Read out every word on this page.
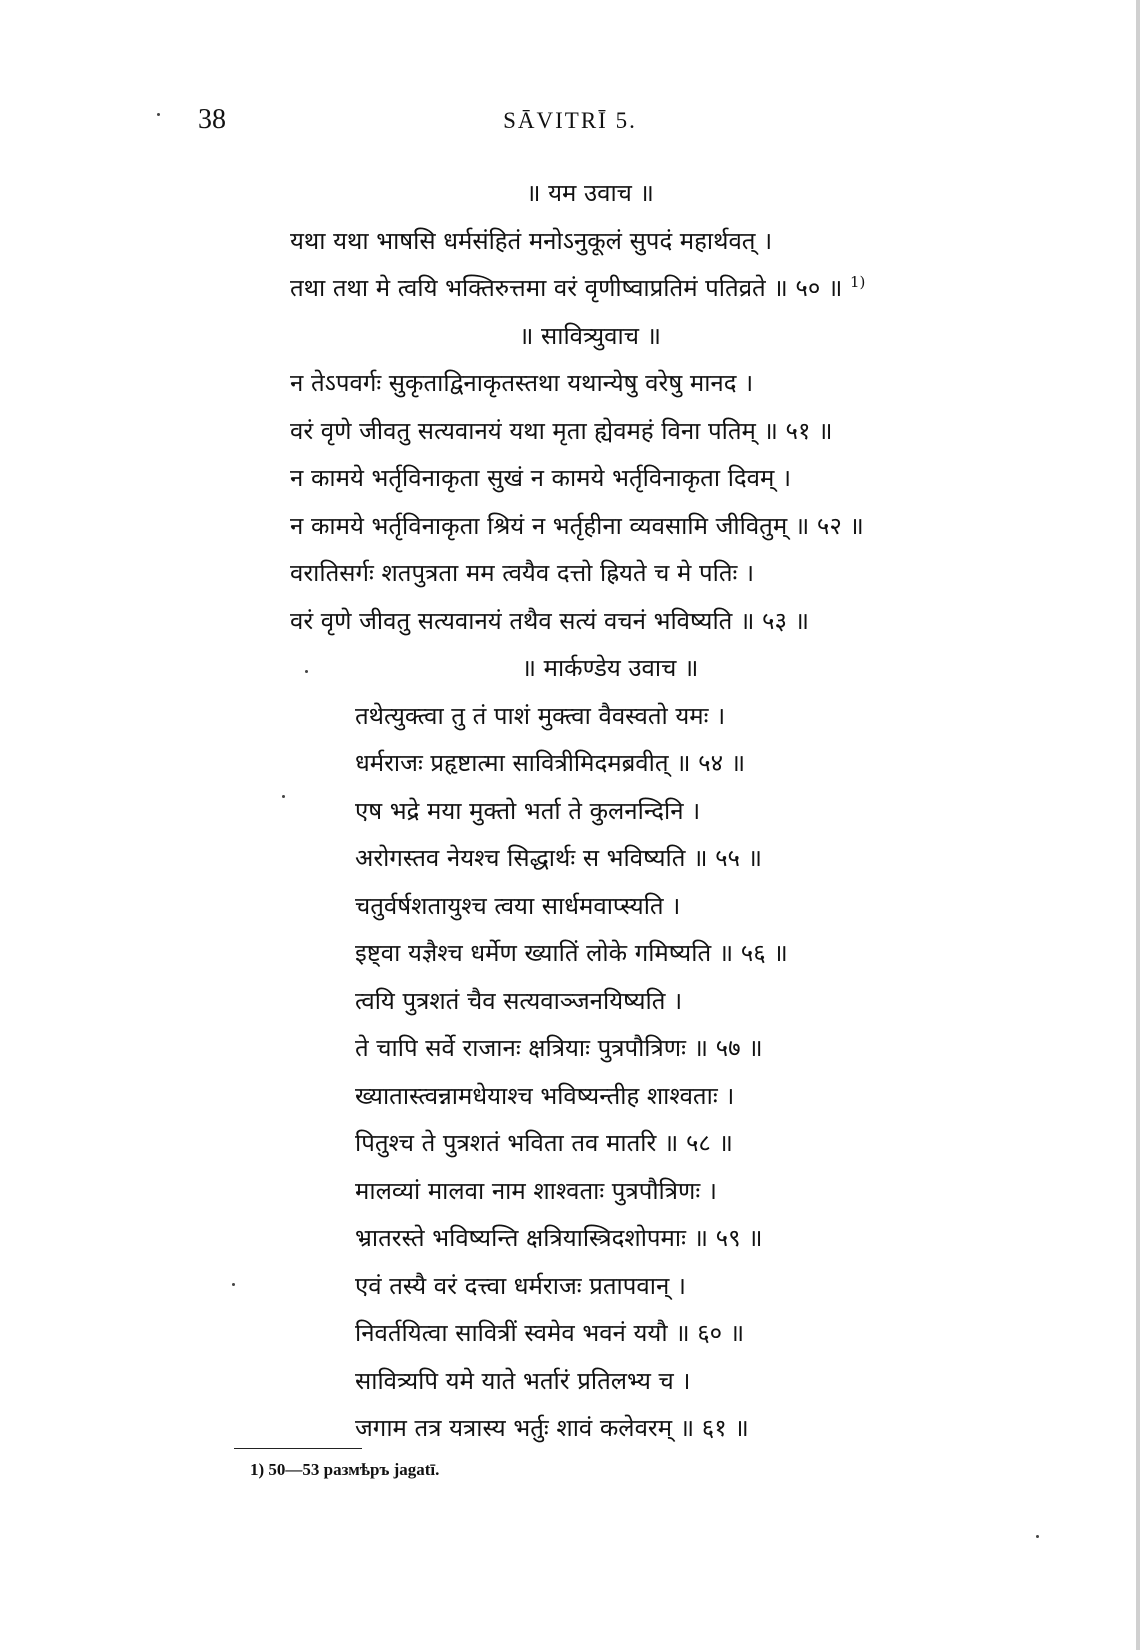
38	SĀVITRĪ 5.
॥ यम उवाच ॥
यथा यथा भाषसि धर्मसंहितं मनोऽनुकूलं सुपदं महार्थवत् ।
तथा तथा मे त्वयि भक्तिरुत्तमा वरं वृणीष्वाप्रतिमं पतिव्रते ॥ ५० ॥ $^{1)}$
॥ सावित्र्युवाच ॥
न तेऽपवर्गः सुकृताद्विनाकृतस्तथा यथान्येषु वरेषु मानद ।
वरं वृणे जीवतु सत्यवानयं यथा मृता ह्येवमहं विना पतिम् ॥ ५१ ॥
न कामये भर्तृविनाकृता सुखं न कामये भर्तृविनाकृता दिवम् ।
न कामये भर्तृविनाकृता श्रियं न भर्तृहीना व्यवसामि जीवितुम् ॥ ५२ ॥
वरातिसर्गः शतपुत्रता मम त्वयैव दत्तो ह्रियते च मे पतिः ।
वरं वृणे जीवतु सत्यवानयं तथैव सत्यं वचनं भविष्यति ॥ ५३ ॥
॥ मार्कण्डेय उवाच ॥
तथेत्युक्त्वा तु तं पाशं मुक्त्वा वैवस्वतो यमः ।
धर्मराजः प्रहृष्टात्मा सावित्रीमिदमब्रवीत् ॥ ५४ ॥
एष भद्रे मया मुक्तो भर्ता ते कुलनन्दिनि ।
अरोगस्तव नेयश्च सिद्धार्थः स भविष्यति ॥ ५५ ॥
चतुर्वर्षशतायुश्च त्वया सार्धमवाप्स्यति ।
इष्ट्वा यज्ञैश्च धर्मेण ख्यातिं लोके गमिष्यति ॥ ५६ ॥
त्वयि पुत्रशतं चैव सत्यवाञ्जनयिष्यति ।
ते चापि सर्वे राजानः क्षत्रियाः पुत्रपौत्रिणः ॥ ५७ ॥
ख्यातास्त्वन्नामधेयाश्च भविष्यन्तीह शाश्वताः ।
पितुश्च ते पुत्रशतं भविता तव मातरि ॥ ५८ ॥
मालव्यां मालवा नाम शाश्वताः पुत्रपौत्रिणः ।
भ्रातरस्ते भविष्यन्ति क्षत्रियास्त्रिदशोपमाः ॥ ५९ ॥
एवं तस्यै वरं दत्त्वा धर्मराजः प्रतापवान् ।
निवर्तयित्वा सावित्रीं स्वमेव भवनं ययौ ॥ ६० ॥
सावित्र्यपि यमे याते भर्तारं प्रतिलभ्य च ।
जगाम तत्र यत्रास्य भर्तुः शावं कलेवरम् ॥ ६१ ॥
1) 50—53 размѣръ jagatī.
